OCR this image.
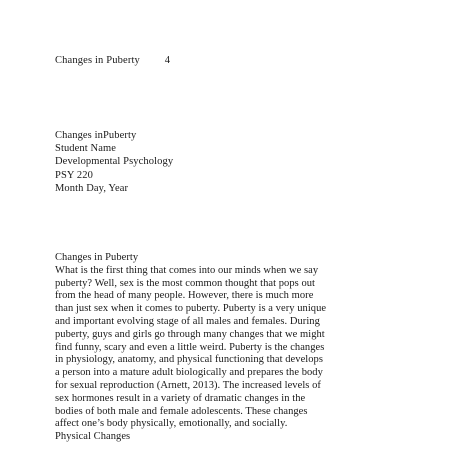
Changes in Puberty 4
Changes inPuberty
Student Name
Developmental Psychology
PSY 220
Month Day, Year
Changes in Puberty
What is the first thing that comes into our minds when we say
puberty? Well, sex is the most common thought that pops out
from the head of many people. However, there is much more
than just sex when it comes to puberty. Puberty is a very unique
and important evolving stage of all males and females. During
puberty, guys and girls go through many changes that we might
find funny, scary and even a little weird. Puberty is the changes
in physiology, anatomy, and physical functioning that develops
a person into a mature adult biologically and prepares the body
for sexual reproduction (Arnett, 2013). The increased levels of
sex hormones result in a variety of dramatic changes in the
bodies of both male and female adolescents. These changes
affect one’s body physically, emotionally, and socially.
Physical Changes
